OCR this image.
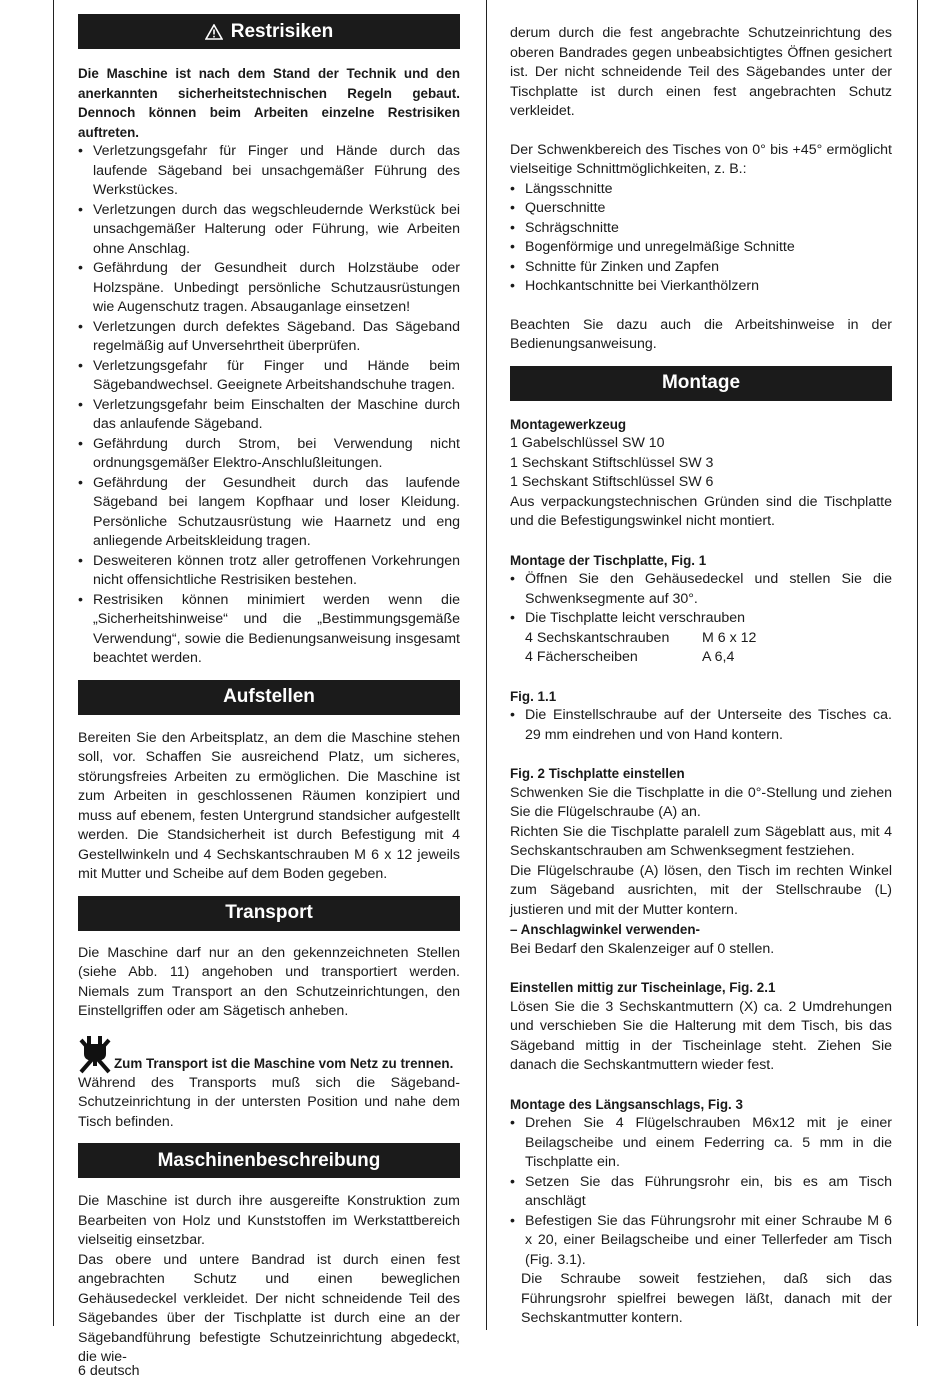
Restrisiken

Die Maschine ist nach dem Stand der Technik und den anerkannten sicherheitstechnischen Regeln gebaut. Dennoch können beim Arbeiten einzelne Restrisiken auftreten.

• Verletzungsgefahr für Finger und Hände durch das laufende Sägeband bei unsachgemäßer Führung des Werkstückes.
• Verletzungen durch das wegschleudernde Werkstück bei unsachgemäßer Halterung oder Führung, wie Arbeiten ohne Anschlag.
• Gefährdung der Gesundheit durch Holzstäube oder Holzspäne. Unbedingt persönliche Schutzausrüstungen wie Augenschutz tragen. Absauganlage einsetzen!
• Verletzungen durch defektes Sägeband. Das Sägeband regelmäßig auf Unversehrtheit überprüfen.
• Verletzungsgefahr für Finger und Hände beim Sägebandwechsel. Geeignete Arbeitshandschuhe tragen.
• Verletzungsgefahr beim Einschalten der Maschine durch das anlaufende Sägeband.
• Gefährdung durch Strom, bei Verwendung nicht ordnungsgemäßer Elektro-Anschlußleitungen.
• Gefährdung der Gesundheit durch das laufende Sägeband bei langem Kopfhaar und loser Kleidung. Persönliche Schutzausrüstung wie Haarnetz und eng anliegende Arbeitskleidung tragen.
• Desweiteren können trotz aller getroffenen Vorkehrungen nicht offensichtliche Restrisiken bestehen.
• Restrisiken können minimiert werden wenn die „Sicherheitshinweise“ und die „Bestimmungsgemäße Verwendung“, sowie die Bedienungsanweisung insgesamt beachtet werden.
Aufstellen

Bereiten Sie den Arbeitsplatz, an dem die Maschine stehen soll, vor. Schaffen Sie ausreichend Platz, um sicheres, störungsfreies Arbeiten zu ermöglichen. Die Maschine ist zum Arbeiten in geschlossenen Räumen konzipiert und muss auf ebenem, festen Untergrund standsicher aufgestellt werden. Die Standsicherheit ist durch Befestigung mit 4 Gestellwinkeln und 4 Sechskantschrauben M 6 x 12 jeweils mit Mutter und Scheibe auf dem Boden gegeben.

Transport

Die Maschine darf nur an den gekennzeichneten Stellen (siehe Abb. 11) angehoben und transportiert werden. Niemals zum Transport an den Schutzeinrichtungen, den Einstellgriffen oder am Sägetisch anheben.

Zum Transport ist die Maschine vom Netz zu trennen.

Während des Transports muß sich die Sägeband-Schutzeinrichtung in der untersten Position und nahe dem Tisch befinden.

Maschinenbeschreibung

Die Maschine ist durch ihre ausgereifte Konstruktion zum Bearbeiten von Holz und Kunststoffen im Werkstattbereich vielseitig einsetzbar.

Das obere und untere Bandrad ist durch einen fest angebrachten Schutz und einen beweglichen Gehäusedeckel verkleidet. Der nicht schneidende Teil des Sägebandes über der Tischplatte ist durch eine an der Sägebandführung befestigte Schutzeinrichtung abgedeckt, die wie-

derum durch die fest angebrachte Schutzeinrichtung des oberen Bandrades gegen unbeabsichtigtes Öffnen gesichert ist. Der nicht schneidende Teil des Sägebandes unter der Tischplatte ist durch einen fest angebrachten Schutz verkleidet.

Der Schwenkbereich des Tisches von 0° bis +45° ermöglicht vielseitige Schnittmöglichkeiten, z. B.:

• Längsschnitte
• Querschnitte
• Schrägschnitte
• Bogenförmige und unregelmäßige Schnitte
• Schnitte für Zinken und Zapfen
• Hochkantschnitte bei Vierkanthölzern

Beachten Sie dazu auch die Arbeitshinweise in der Bedienungsanweisung.

Montage

Montagewerkzeug

1 Gabelschlüssel SW 10

1 Sechskant Stiftschlüssel SW 3

1 Sechskant Stiftschlüssel SW 6

Aus verpackungstechnischen Gründen sind die Tischplatte und die Befestigungswinkel nicht montiert.

Montage der Tischplatte, Fig. 1

• Öffnen Sie den Gehäusedeckel und stellen Sie die Schwenksegmente auf 30°.
• Die Tischplatte leicht verschrauben
4 Sechskantschrauben	M 6 x 12
4 Fächerscheiben	A 6,4

Fig. 1.1

• Die Einstellschraube auf der Unterseite des Tisches ca. 29 mm eindrehen und von Hand kontern.

Fig. 2 Tischplatte einstellen

Schwenken Sie die Tischplatte in die 0°-Stellung und ziehen Sie die Flügelschraube (A) an.

Richten Sie die Tischplatte paralell zum Sägeblatt aus, mit 4 Sechskantschrauben am Schwenksegment festziehen.

Die Flügelschraube (A) lösen, den Tisch im rechten Winkel zum Sägeband ausrichten, mit der Stellschraube (L) justieren und mit der Mutter kontern.

– Anschlagwinkel verwenden-

Bei Bedarf den Skalenzeiger auf 0 stellen.

Einstellen mittig zur Tischeinlage, Fig. 2.1

Lösen Sie die 3 Sechskantmuttern (X) ca. 2 Umdrehungen und verschieben Sie die Halterung mit dem Tisch, bis das Sägeband mittig in der Tischeinlage steht. Ziehen Sie danach die Sechskantmuttern wieder fest.

Montage des Längsanschlags, Fig. 3

• Drehen Sie 4 Flügelschrauben M6x12 mit je einer Beilagscheibe und einem Federring ca. 5 mm in die Tischplatte ein.
• Setzen Sie das Führungsrohr ein, bis es am Tisch anschlägt
• Befestigen Sie das Führungsrohr mit einer Schraube M 6 x 20, einer Beilagscheibe und einer Tellerfeder am Tisch (Fig. 3.1).

Die Schraube soweit festziehen, daß sich das Führungsrohr spielfrei bewegen läßt, danach mit der Sechskantmutter kontern.

6 deutsch
